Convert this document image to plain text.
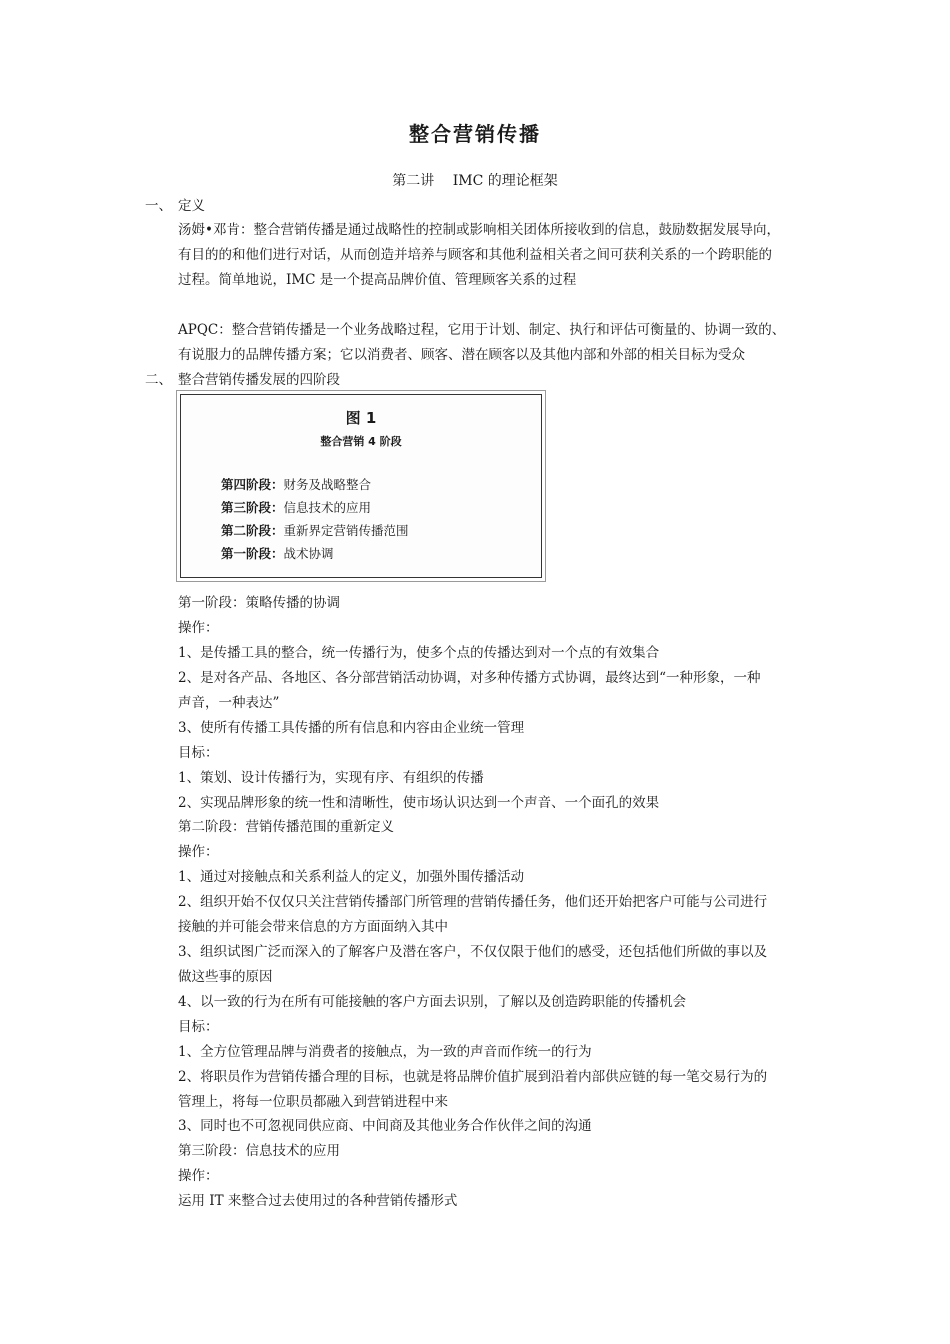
整合营销传播
第二讲　 IMC 的理论框架
一、 定义
汤姆•邓肯：整合营销传播是通过战略性的控制或影响相关团体所接收到的信息，鼓励数据发展导向，
有目的的和他们进行对话，从而创造并培养与顾客和其他利益相关者之间可获利关系的一个跨职能的
过程。简单地说，IMC 是一个提高品牌价值、管理顾客关系的过程
APQC：整合营销传播是一个业务战略过程，它用于计划、制定、执行和评估可衡量的、协调一致的、
有说服力的品牌传播方案；它以消费者、顾客、潜在顾客以及其他内部和外部的相关目标为受众
二、 整合营销传播发展的四阶段
图 1
整合营销 4 阶段
第四阶段：财务及战略整合
第三阶段：信息技术的应用
第二阶段：重新界定营销传播范围
第一阶段：战术协调
第一阶段：策略传播的协调
操作：
1、是传播工具的整合，统一传播行为，使多个点的传播达到对一个点的有效集合
2、是对各产品、各地区、各分部营销活动协调，对多种传播方式协调，最终达到“一种形象，一种
声音，一种表达”
3、使所有传播工具传播的所有信息和内容由企业统一管理
目标：
1、策划、设计传播行为，实现有序、有组织的传播
2、实现品牌形象的统一性和清晰性，使市场认识达到一个声音、一个面孔的效果
第二阶段：营销传播范围的重新定义
操作：
1、通过对接触点和关系利益人的定义，加强外围传播活动
2、组织开始不仅仅只关注营销传播部门所管理的营销传播任务，他们还开始把客户可能与公司进行
接触的并可能会带来信息的方方面面纳入其中
3、组织试图广泛而深入的了解客户及潜在客户，不仅仅限于他们的感受，还包括他们所做的事以及
做这些事的原因
4、以一致的行为在所有可能接触的客户方面去识别，了解以及创造跨职能的传播机会
目标：
1、全方位管理品牌与消费者的接触点，为一致的声音而作统一的行为
2、将职员作为营销传播合理的目标，也就是将品牌价值扩展到沿着内部供应链的每一笔交易行为的
管理上，将每一位职员都融入到营销进程中来
3、同时也不可忽视同供应商、中间商及其他业务合作伙伴之间的沟通
第三阶段：信息技术的应用
操作：
运用 IT 来整合过去使用过的各种营销传播形式
